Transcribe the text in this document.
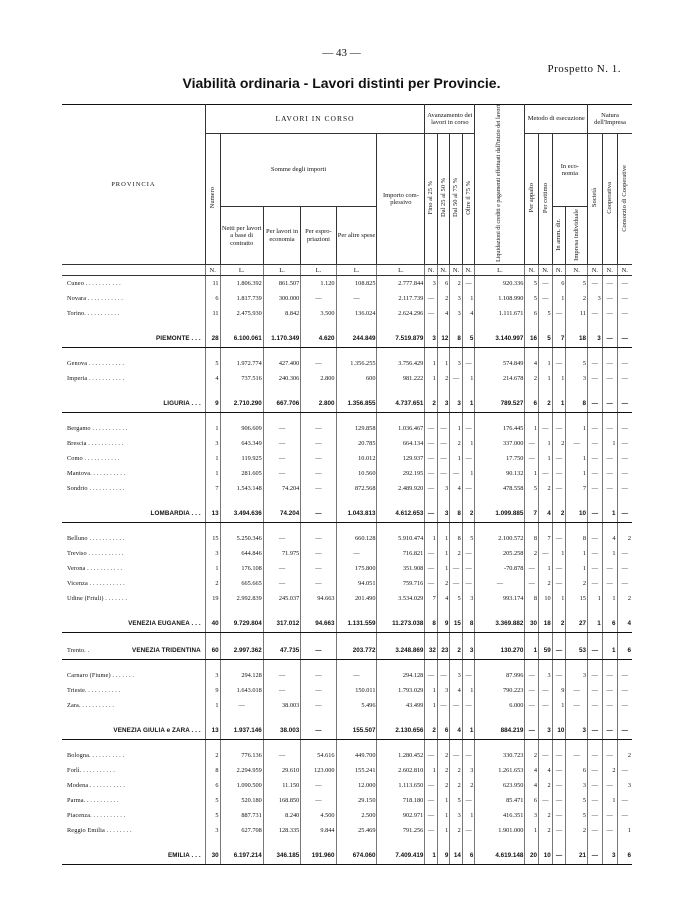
— 43 —
Prospetto N. 1.
Viabilità ordinaria - Lavori distinti per Provincie.
PROVINCIA	LAVORI IN CORSO						Avanzamento dei lavori in corso				Liquidazioni di crediti e pagamenti effettuati dall'inizio dei lavori	Metodo di esecuzione				Natura dell'Impresa		
	Numero	Somme degli importi				Importo com-plessivo	Fino al 25 %	Dal 25 al 50 %	Dal 50 al 75 %	Oltre il 75 %		Per appalto	Per cottimo	In eco-nomia		Società	Cooperativa	Consorzio di Cooperative
		Netti per lavori a base di contratto	Per lavori in economia	Per espro-priazioni	Per altre spese									In amm. dir.	Impresa individuale			
	N.	L.	L.	L.	L.	L.	N.	N.	N.	N.	L.	N.	N.	N.	N.	N.	N.	N.
Cuneo . . . . . . . . . . .	11	1.806.392	861.507	1.120	108.825	2.777.844	3	6	2	—	920.336	5	—	6	5	—	—	—
Novara . . . . . . . . . . .	6	1.817.739	300.000	—	—	2.117.739	—	2	3	1	1.108.990	5	—	1	2	3	—	—
Torino. . . . . . . . . . .	11	2.475.930	8.842	3.500	136.024	2.624.296	—	4	3	4	1.111.671	6	5	—	11	—	—	—

PIEMONTE . . .	28	6.100.061	1.170.349	4.620	244.849	7.519.879	3	12	8	5	3.140.997	16	5	7	18	3	—	—

Genova . . . . . . . . . . .	5	1.972.774	427.400	—	1.356.255	3.756.429	1	1	3	—	574.849	4	1	—	5	—	—	—
Imperia . . . . . . . . . . .	4	737.516	240.306	2.800	600	981.222	1	2	—	1	214.678	2	1	1	3	—	—	—

LIGURIA . . .	9	2.710.290	667.706	2.800	1.356.855	4.737.651	2	3	3	1	789.527	6	2	1	8	—	—	—

Bergamo . . . . . . . . . . .	1	906.609	—	—	129.858	1.036.467	—	—	1	—	176.445	1	—	—	1	—	—	—
Brescia . . . . . . . . . . .	3	643.349	—	—	20.785	664.134	—	—	2	1	337.000	—	1	2	—	—	1	—
Como . . . . . . . . . . .	1	119.925	—	—	10.012	129.937	—	—	1	—	17.750	—	1	—	1	—	—	—
Mantova. . . . . . . . . . .	1	281.605	—	—	10.560	292.195	—	—	—	1	90.132	1	—	—	1	—	—	—
Sondrio . . . . . . . . . . .	7	1.543.148	74.204	—	872.568	2.489.920	—	3	4	—	478.558	5	2	—	7	—	—	—

LOMBARDIA . . .	13	3.494.636	74.204	—	1.043.813	4.612.653	—	3	8	2	1.099.885	7	4	2	10	—	1	—

Belluno . . . . . . . . . . .	15	5.250.346	—	—	660.128	5.910.474	1	1	8	5	2.100.572	8	7	—	8	—	4	2
Treviso . . . . . . . . . . .	3	644.846	71.975	—	—	716.821	—	1	2	—	205.258	2	—	1	1	—	1	—
Verona . . . . . . . . . . .	1	176.108	—	—	175.800	351.908	—	1	—	—	-70.878	—	1	—	1	—	—	—
Vicenza . . . . . . . . . . .	2	665.665	—	—	94.051	759.716	—	2	—	—	—	—	2	—	2	—	—	—
Udine (Friuli) . . . . . . .	19	2.992.839	245.037	94.663	201.490	3.534.029	7	4	5	3	993.174	8	10	1	15	1	1	2

VENEZIA EUGANEA . . .	40	9.729.804	317.012	94.663	1.131.559	11.273.038	8	9	15	8	3.369.882	30	18	2	27	1	6	4

Trento. . VENEZIA TRIDENTINA	60	2.997.362	47.735	—	203.772	3.248.869	32	23	2	3	130.270	1	59	—	53	—	1	6

Carnaro (Fiume) . . . . . . .	3	294.128	—	—	—	294.128	—	—	3	—	87.996	—	3	—	3	—	—	—
Trieste. . . . . . . . . . .	9	1.643.018	—	—	150.011	1.793.029	1	3	4	1	790.223	—	—	9	—	—	—	—
Zara. . . . . . . . . . .	1	—	38.003	—	5.496	43.499	1	—	—	—	6.000	—	—	1	—	—	—	—

VENEZIA GIULIA e ZARA . . .	13	1.937.146	38.003	—	155.507	2.130.656	2	6	4	1	884.219	—	3	10	3	—	—	—

Bologna. . . . . . . . . . .	2	776.136	—	54.616	449.700	1.280.452	—	2	—	—	330.723	2	—	—	—	—	—	2
Forlì. . . . . . . . . . .	8	2.294.959	29.610	123.000	155.241	2.602.810	1	2	2	3	1.261.653	4	4	—	6	—	2	—
Modena . . . . . . . . . . .	6	1.090.500	11.150	—	12.000	1.113.650	—	2	2	2	623.950	4	2	—	3	—	—	3
Parma. . . . . . . . . . .	5	520.180	168.850	—	29.150	718.180	—	1	5	—	85.471	6	—	—	5	—	1	—
Piacenza. . . . . . . . . . .	5	887.731	8.240	4.500	2.500	902.971	—	1	3	1	416.351	3	2	—	5	—	—	—
Reggio Emilia . . . . . . . .	3	627.708	128.335	9.844	25.469	791.256	—	1	2	—	1.901.000	1	2	—	2	—	—	1

EMILIA . . .	30	6.197.214	346.185	191.960	674.060	7.409.419	1	9	14	6	4.619.148	20	10	—	21	—	3	6
